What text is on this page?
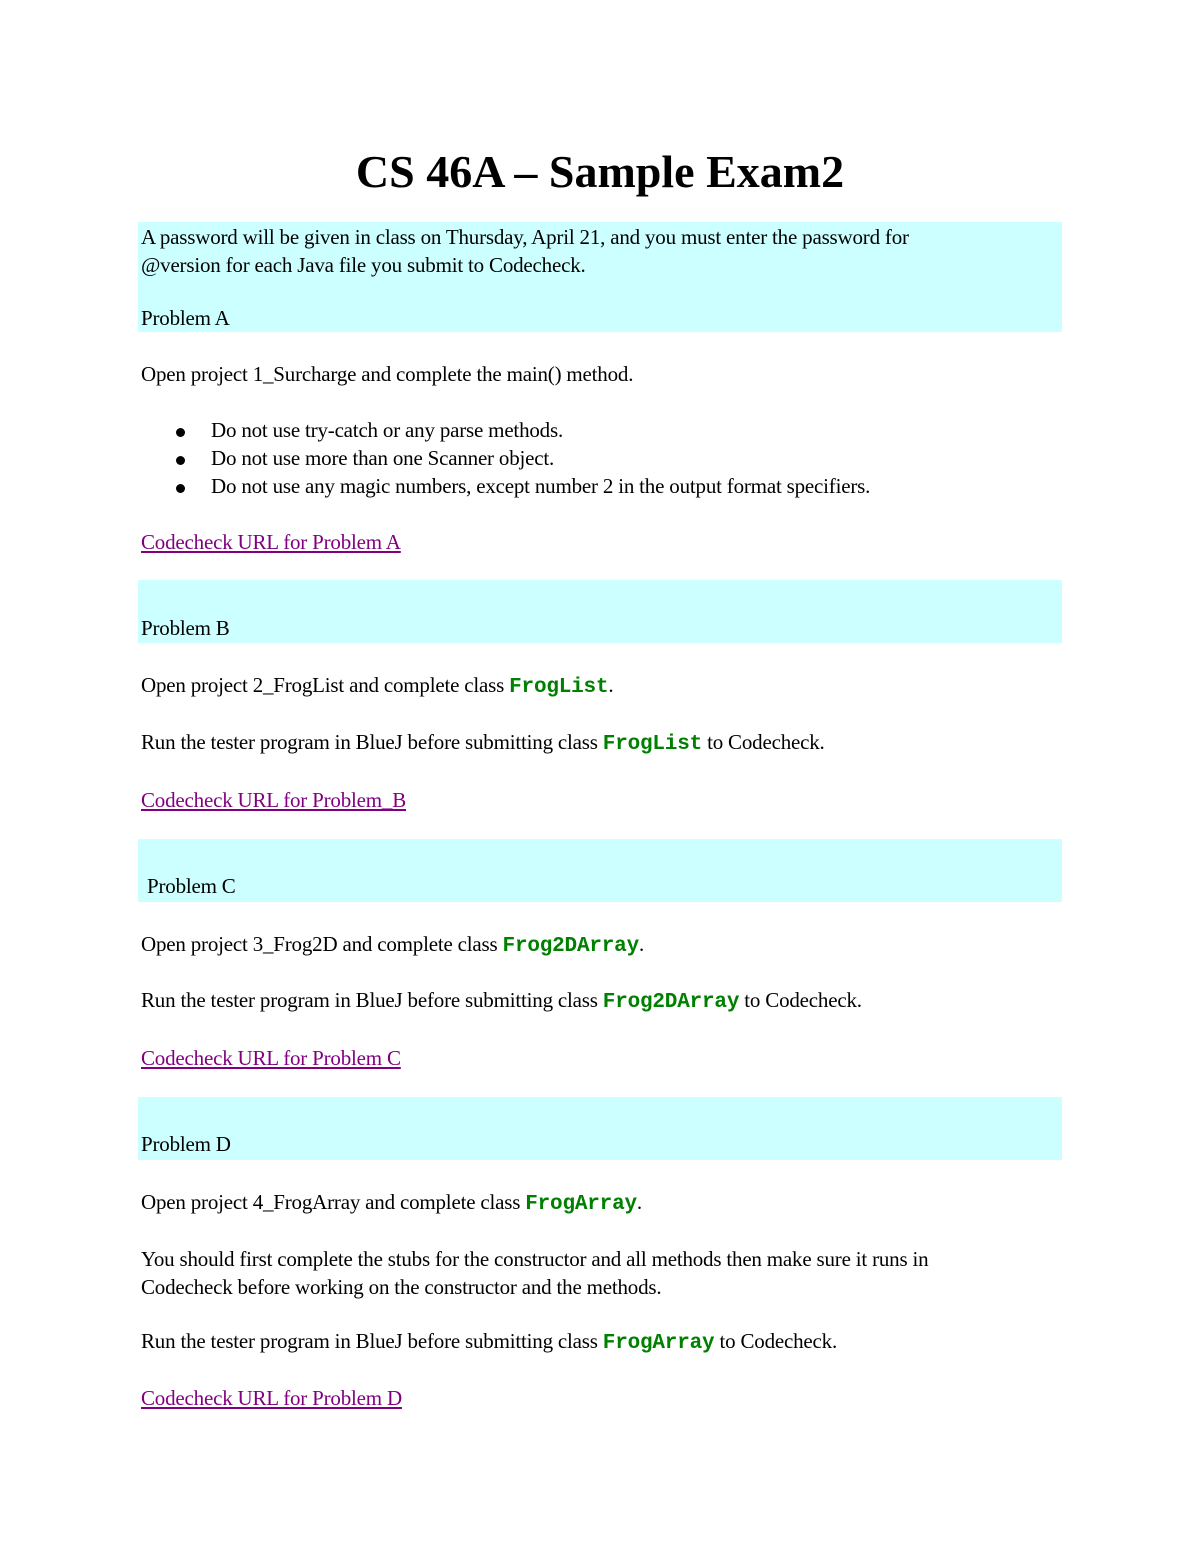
CS 46A – Sample Exam2
A password will be given in class on Thursday, April 21, and you must enter the password for
@version for each Java file you submit to Codecheck.
Problem A
Open project 1_Surcharge and complete the main() method.
Do not use try-catch or any parse methods.
Do not use more than one Scanner object.
Do not use any magic numbers, except number 2 in the output format specifiers.
Codecheck URL for Problem A
Problem B
Open project 2_FrogList and complete class FrogList.
Run the tester program in BlueJ before submitting class FrogList to Codecheck.
Codecheck URL for Problem_B
Problem C
Open project 3_Frog2D and complete class Frog2DArray.
Run the tester program in BlueJ before submitting class Frog2DArray to Codecheck.
Codecheck URL for Problem C
Problem D
Open project 4_FrogArray and complete class FrogArray.
You should first complete the stubs for the constructor and all methods then make sure it runs in
Codecheck before working on the constructor and the methods.
Run the tester program in BlueJ before submitting class FrogArray to Codecheck.
Codecheck URL for Problem D
